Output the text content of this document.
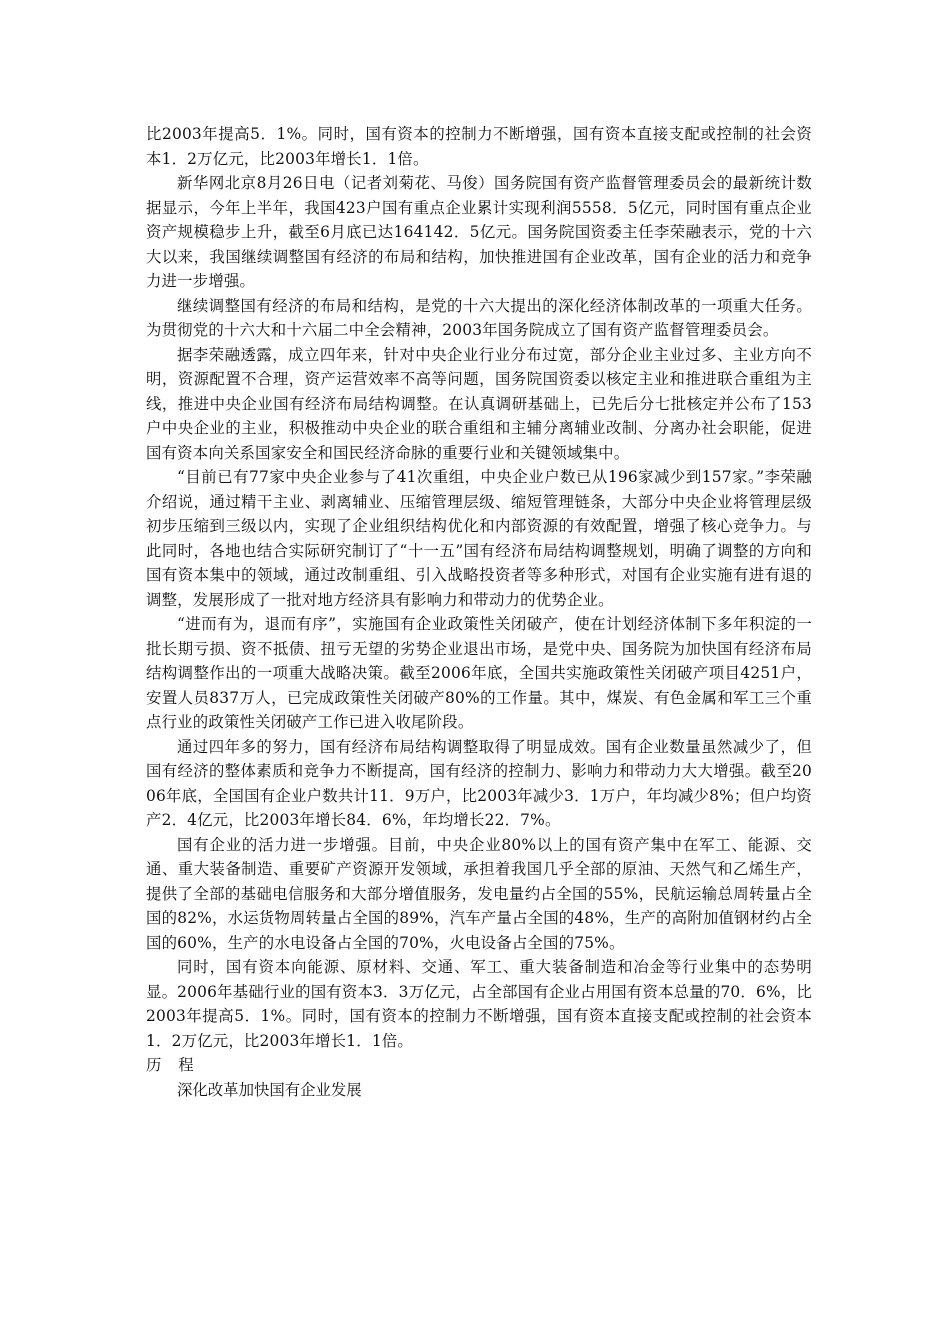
比2003年提高5．1%。同时，国有资本的控制力不断增强，国有资本直接支配或控制的社会资本1．2万亿元，比2003年增长1．1倍。

新华网北京8月26日电（记者刘菊花、马俊）国务院国有资产监督管理委员会的最新统计数据显示，今年上半年，我国423户国有重点企业累计实现利润5558．5亿元，同时国有重点企业资产规模稳步上升，截至6月底已达164142．5亿元。国务院国资委主任李荣融表示，党的十六大以来，我国继续调整国有经济的布局和结构，加快推进国有企业改革，国有企业的活力和竞争力进一步增强。

继续调整国有经济的布局和结构，是党的十六大提出的深化经济体制改革的一项重大任务。为贯彻党的十六大和十六届二中全会精神，2003年国务院成立了国有资产监督管理委员会。

据李荣融透露，成立四年来，针对中央企业行业分布过宽，部分企业主业过多、主业方向不明，资源配置不合理，资产运营效率不高等问题，国务院国资委以核定主业和推进联合重组为主线，推进中央企业国有经济布局结构调整。在认真调研基础上，已先后分七批核定并公布了153户中央企业的主业，积极推动中央企业的联合重组和主辅分离辅业改制、分离办社会职能，促进国有资本向关系国家安全和国民经济命脉的重要行业和关键领域集中。

“目前已有77家中央企业参与了41次重组，中央企业户数已从196家减少到157家。”李荣融介绍说，通过精干主业、剥离辅业、压缩管理层级、缩短管理链条，大部分中央企业将管理层级初步压缩到三级以内，实现了企业组织结构优化和内部资源的有效配置，增强了核心竞争力。与此同时，各地也结合实际研究制订了“十一五”国有经济布局结构调整规划，明确了调整的方向和国有资本集中的领域，通过改制重组、引入战略投资者等多种形式，对国有企业实施有进有退的调整，发展形成了一批对地方经济具有影响力和带动力的优势企业。

“进而有为，退而有序”，实施国有企业政策性关闭破产，使在计划经济体制下多年积淀的一批长期亏损、资不抵债、扭亏无望的劣势企业退出市场，是党中央、国务院为加快国有经济布局结构调整作出的一项重大战略决策。截至2006年底，全国共实施政策性关闭破产项目4251户，安置人员837万人，已完成政策性关闭破产80%的工作量。其中，煤炭、有色金属和军工三个重点行业的政策性关闭破产工作已进入收尾阶段。

通过四年多的努力，国有经济布局结构调整取得了明显成效。国有企业数量虽然减少了，但国有经济的整体素质和竞争力不断提高，国有经济的控制力、影响力和带动力大大增强。截至2006年底，全国国有企业户数共计11．9万户，比2003年减少3．1万户，年均减少8%；但户均资产2．4亿元，比2003年增长84．6%，年均增长22．7%。

国有企业的活力进一步增强。目前，中央企业80%以上的国有资产集中在军工、能源、交通、重大装备制造、重要矿产资源开发领域，承担着我国几乎全部的原油、天然气和乙烯生产，提供了全部的基础电信服务和大部分增值服务，发电量约占全国的55%，民航运输总周转量占全国的82%，水运货物周转量占全国的89%，汽车产量占全国的48%，生产的高附加值钢材约占全国的60%，生产的水电设备占全国的70%，火电设备占全国的75%。

同时，国有资本向能源、原材料、交通、军工、重大装备制造和冶金等行业集中的态势明显。2006年基础行业的国有资本3．3万亿元，占全部国有企业占用国有资本总量的70．6%，比2003年提高5．1%。同时，国有资本的控制力不断增强，国有资本直接支配或控制的社会资本1．2万亿元，比2003年增长1．1倍。

历 程

深化改革加快国有企业发展
